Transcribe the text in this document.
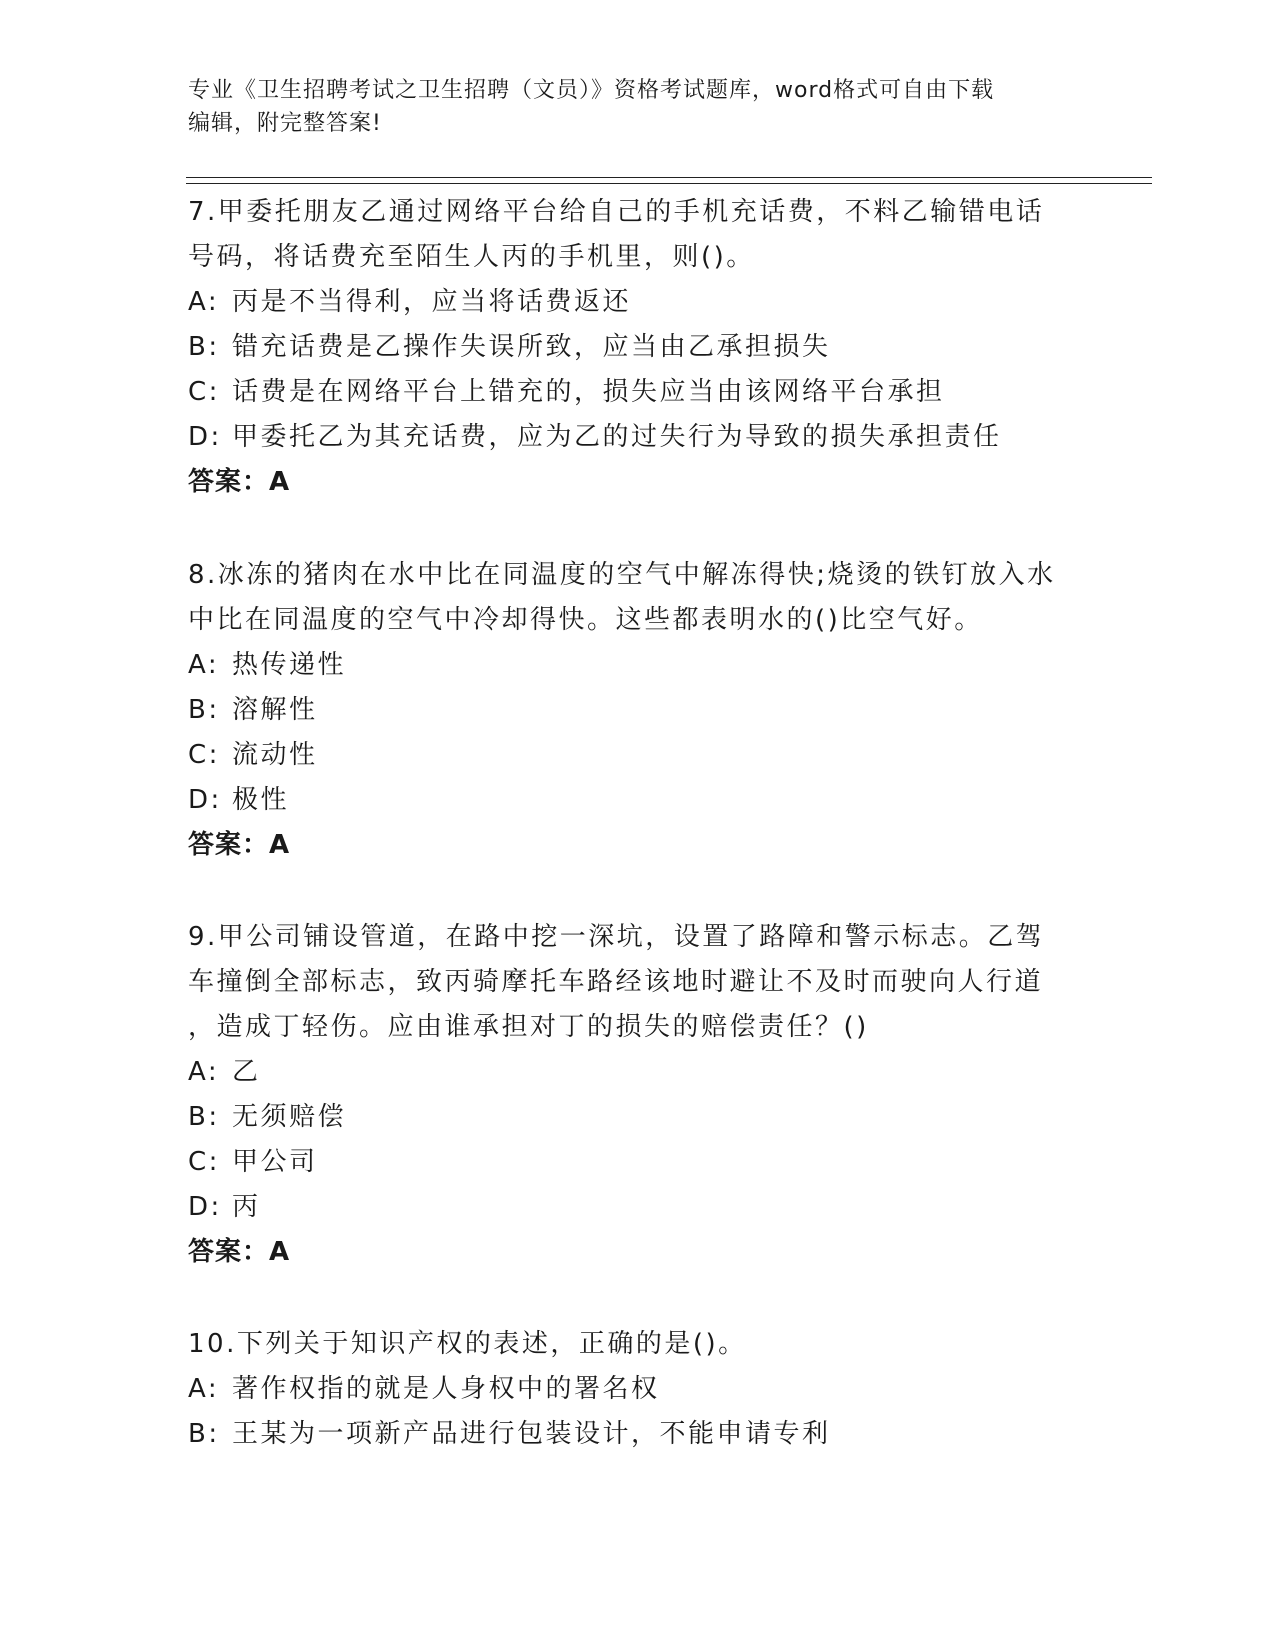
专业《卫生招聘考试之卫生招聘（文员）》资格考试题库，word格式可自由下载
编辑，附完整答案!

7.甲委托朋友乙通过网络平台给自己的手机充话费，不料乙输错电话

号码，将话费充至陌生人丙的手机里，则()。

A: 丙是不当得利，应当将话费返还

B: 错充话费是乙操作失误所致，应当由乙承担损失

C: 话费是在网络平台上错充的，损失应当由该网络平台承担

D: 甲委托乙为其充话费，应为乙的过失行为导致的损失承担责任

答案：A

8.冰冻的猪肉在水中比在同温度的空气中解冻得快;烧烫的铁钉放入水

中比在同温度的空气中冷却得快。这些都表明水的()比空气好。

A: 热传递性

B: 溶解性

C: 流动性

D: 极性

答案：A

9.甲公司铺设管道，在路中挖一深坑，设置了路障和警示标志。乙驾

车撞倒全部标志，致丙骑摩托车路经该地时避让不及时而驶向人行道

，造成丁轻伤。应由谁承担对丁的损失的赔偿责任？()

A: 乙

B: 无须赔偿

C: 甲公司

D: 丙

答案：A

10.下列关于知识产权的表述，正确的是()。

A: 著作权指的就是人身权中的署名权

B: 王某为一项新产品进行包装设计，不能申请专利
